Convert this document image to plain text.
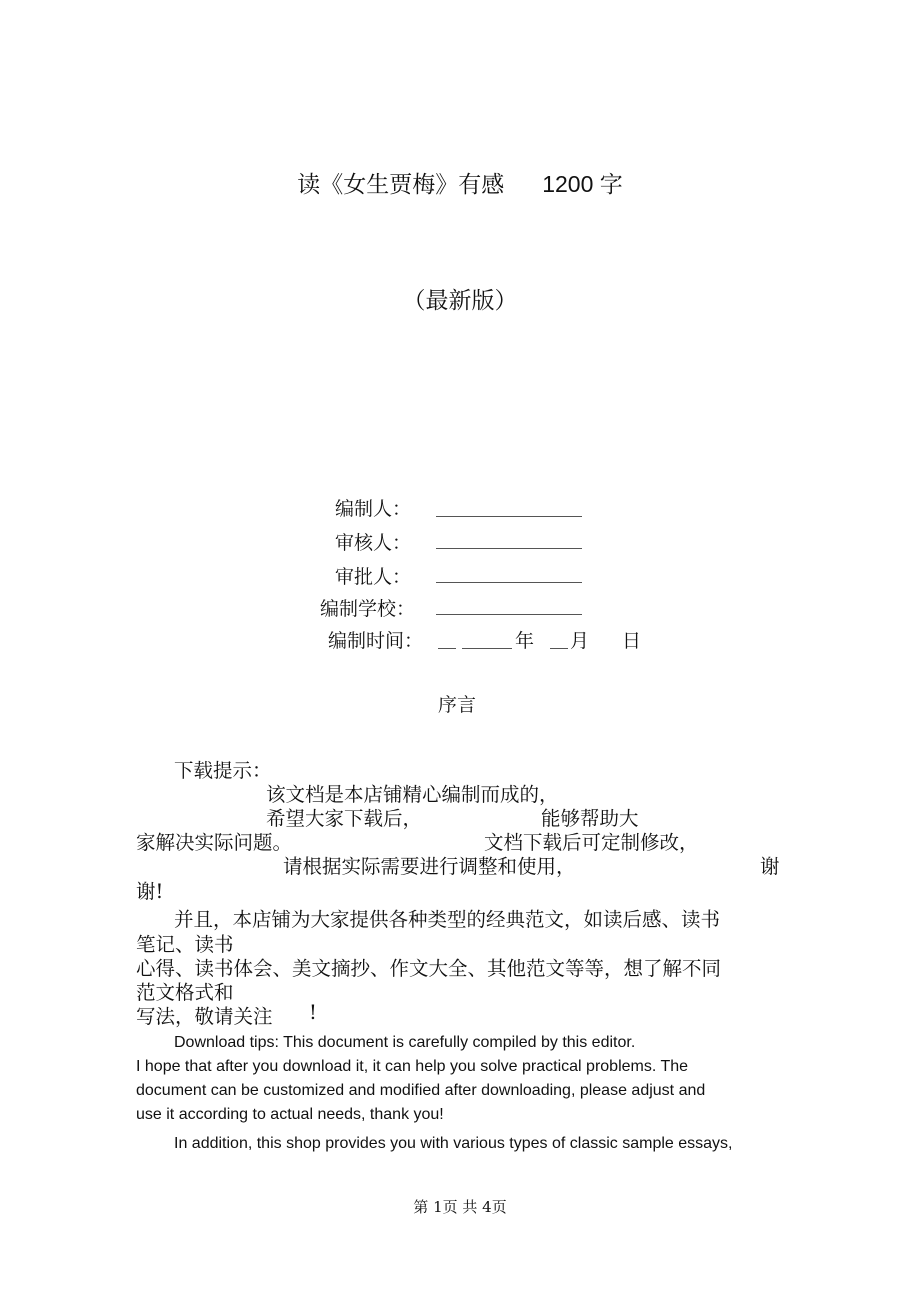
读《女生贾梅》有感 1200 字
（最新版）
编制人：
审核人：
审批人：
编制学校：
编制时间：	年 月 日
序言
下载提示：
该文档是本店铺精心编制而成的，
希望大家下载后，	能够帮助大
家解决实际问题。	文档下载后可定制修改，
请根据实际需要进行调整和使用，	谢
谢!
并且，本店铺为大家提供各种类型的经典范文，如读后感、读书
笔记、读书
心得、读书体会、美文摘抄、作文大全、其他范文等等，想了解不同
范文格式和
写法，敬请关注 !
Download tips: This document is carefully compiled by this editor.
I hope that after you download it, it can help you solve practical problems. The
document can be customized and modified after downloading, please adjust and
use it according to actual needs, thank you!
In addition, this shop provides you with various types of classic sample essays,
第 1页 共 4页
